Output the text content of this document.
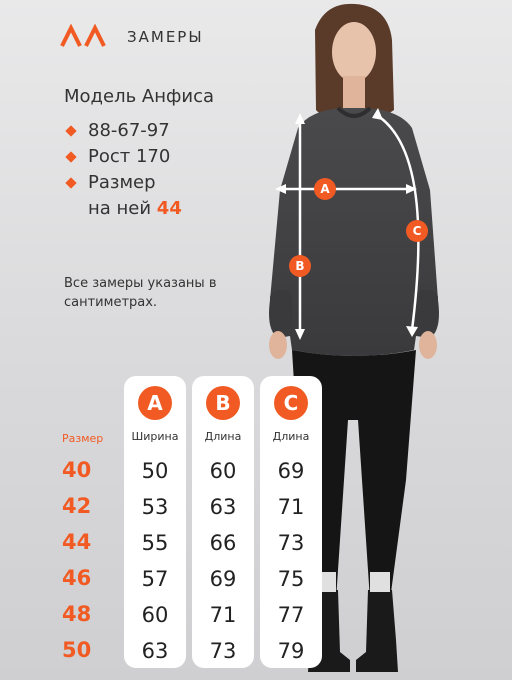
ЗАМЕРЫ
Модель Анфиса
88-67-97
Рост 170
Размер
на ней 44
Все замеры указаны в сантиметрах.
A
B
C
Размер
40
42
44
46
48
50
A
Ширина
50
53
55
57
60
63
B
Длина
60
63
66
69
71
73
C
Длина
69
71
73
75
77
79
